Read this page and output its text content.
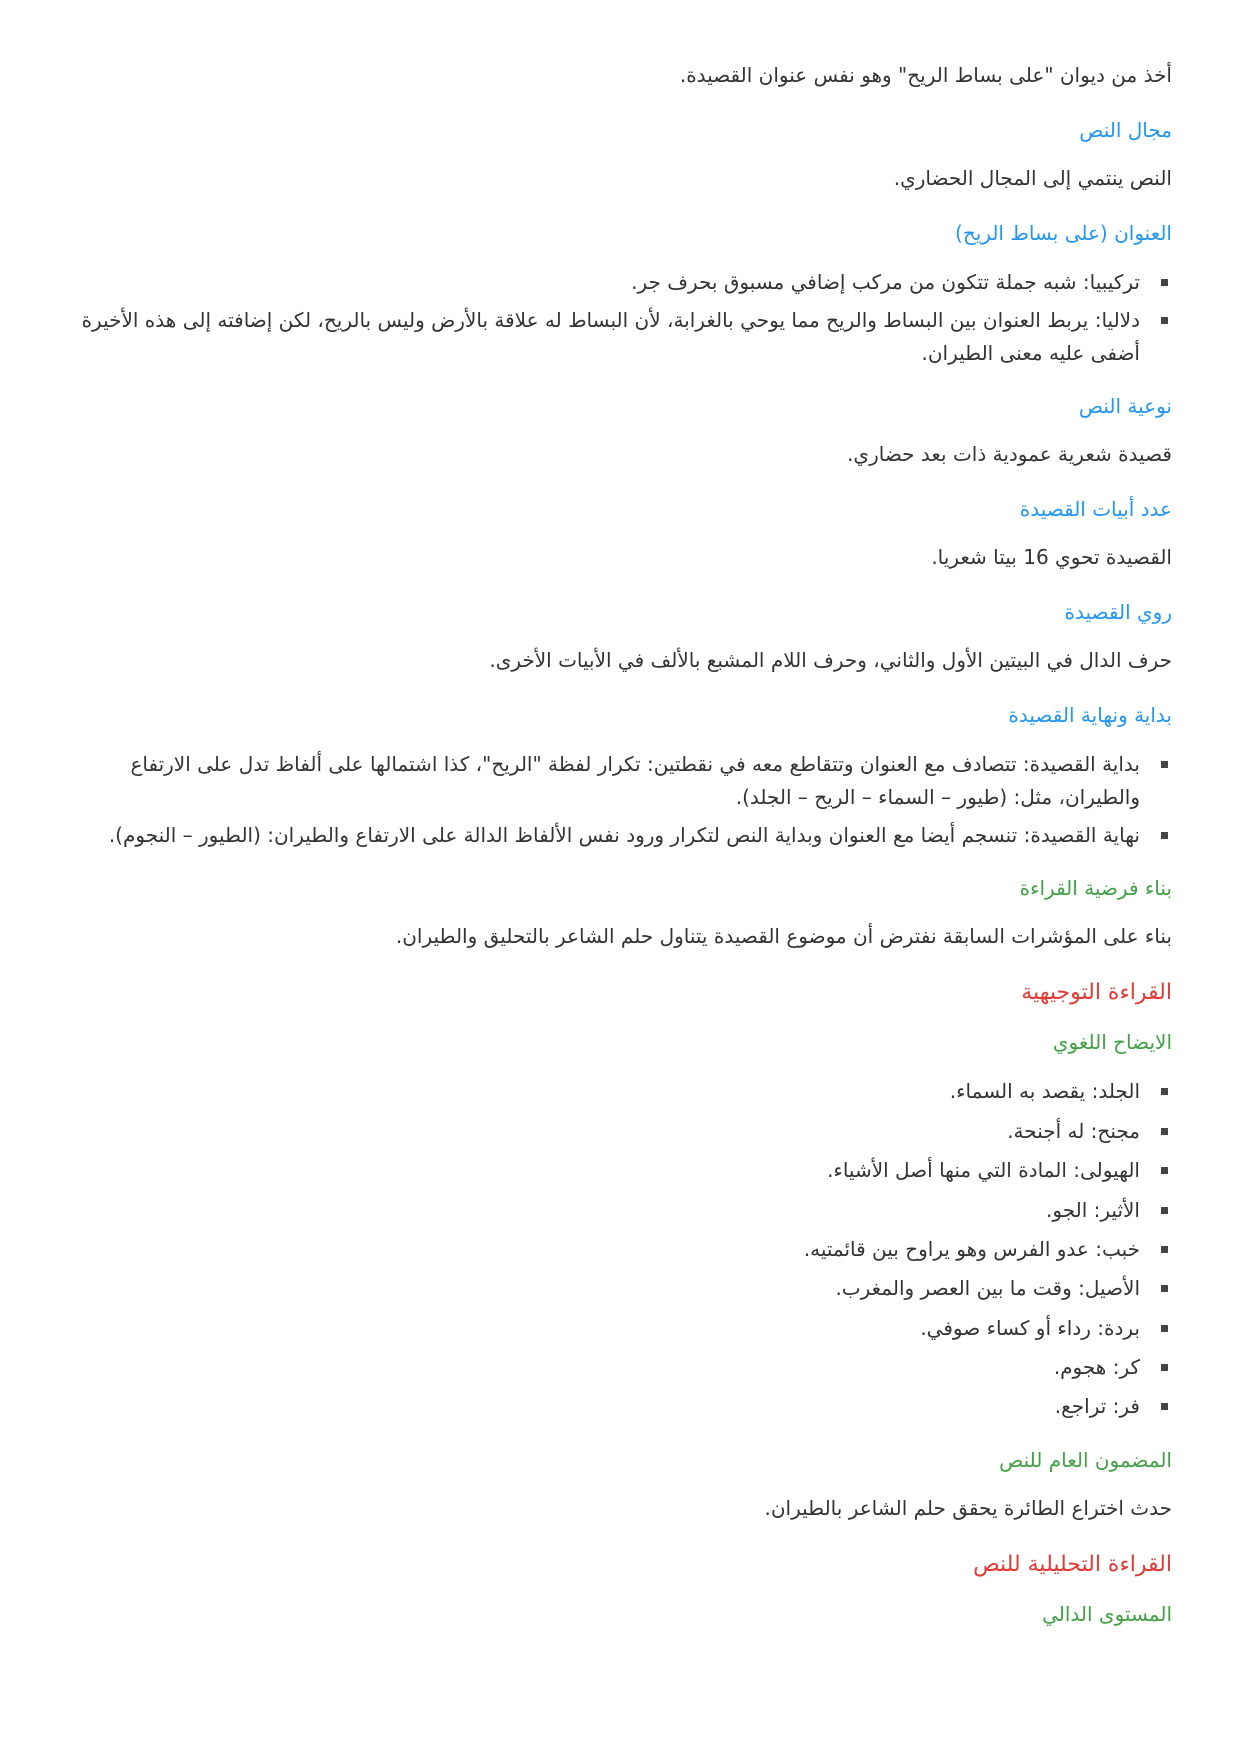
أخذ من ديوان "على بساط الريح" وهو نفس عنوان القصيدة.

مجال النص

النص ينتمي إلى المجال الحضاري.

العنوان (على بساط الريح)

تركيبيا: شبه جملة تتكون من مركب إضافي مسبوق بحرف جر.
دلاليا: يربط العنوان بين البساط والريح مما يوحي بالغرابة، لأن البساط له علاقة بالأرض وليس بالريح، لكن إضافته إلى هذه الأخيرة أضفى عليه معنى الطيران.

نوعية النص

قصيدة شعرية عمودية ذات بعد حضاري.

عدد أبيات القصيدة

القصيدة تحوي 16 بيتا شعريا.

روي القصيدة

حرف الدال في البيتين الأول والثاني، وحرف اللام المشبع بالألف في الأبيات الأخرى.

بداية ونهاية القصيدة

بداية القصيدة: تتصادف مع العنوان وتتقاطع معه في نقطتين: تكرار لفظة "الريح"، كذا اشتمالها على ألفاظ تدل على الارتفاع والطيران، مثل: (طيور – السماء – الريح – الجلد).
نهاية القصيدة: تنسجم أيضا مع العنوان وبداية النص لتكرار ورود نفس الألفاظ الدالة على الارتفاع والطيران: (الطيور – النجوم).

بناء فرضية القراءة

بناء على المؤشرات السابقة نفترض أن موضوع القصيدة يتناول حلم الشاعر بالتحليق والطيران.

القراءة التوجيهية

الايضاح اللغوي

الجلد: يقصد به السماء.
مجنح: له أجنحة.
الهيولى: المادة التي منها أصل الأشياء.
الأثير: الجو.
خبب: عدو الفرس وهو يراوح بين قائمتيه.
الأصيل: وقت ما بين العصر والمغرب.
بردة: رداء أو كساء صوفي.
كر: هجوم.
فر: تراجع.

المضمون العام للنص

حدث اختراع الطائرة يحقق حلم الشاعر بالطيران.

القراءة التحليلية للنص

المستوى الدالي
